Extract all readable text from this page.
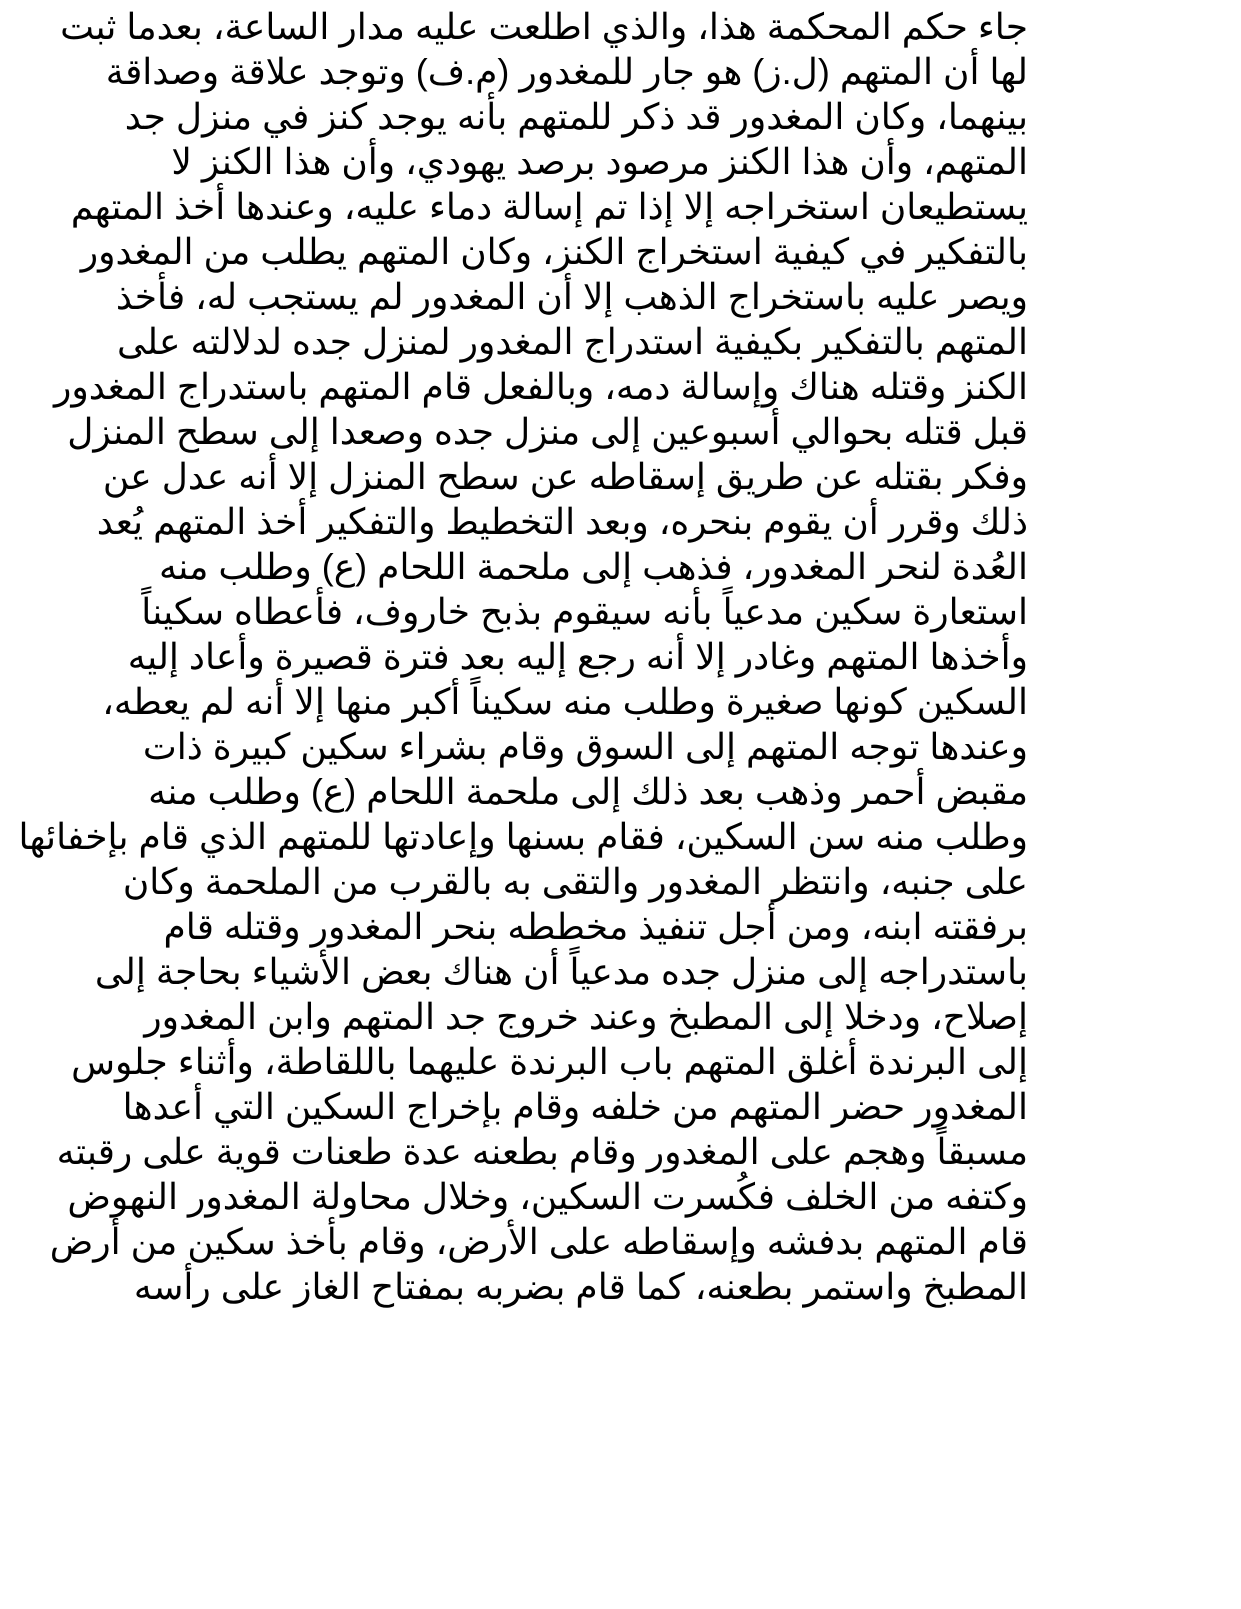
جاء حكم المحكمة هذا، والذي اطلعت عليه مدار الساعة، بعدما ثبت
لها أن المتهم (ل.ز) هو جار للمغدور (م.ف) وتوجد علاقة وصداقة
بينهما، وكان المغدور قد ذكر للمتهم بأنه يوجد كنز في منزل جد
المتهم، وأن هذا الكنز مرصود برصد يهودي، وأن هذا الكنز لا
يستطيعان استخراجه إلا إذا تم إسالة دماء عليه، وعندها أخذ المتهم
بالتفكير في كيفية استخراج الكنز، وكان المتهم يطلب من المغدور
ويصر عليه باستخراج الذهب إلا أن المغدور لم يستجب له، فأخذ
المتهم بالتفكير بكيفية استدراج المغدور لمنزل جده لدلالته على
الكنز وقتله هناك وإسالة دمه، وبالفعل قام المتهم باستدراج المغدور
قبل قتله بحوالي أسبوعين إلى منزل جده وصعدا إلى سطح المنزل
وفكر بقتله عن طريق إسقاطه عن سطح المنزل إلا أنه عدل عن
ذلك وقرر أن يقوم بنحره، وبعد التخطيط والتفكير أخذ المتهم يُعد
العُدة لنحر المغدور، فذهب إلى ملحمة اللحام (ع) وطلب منه
استعارة سكين مدعياً بأنه سيقوم بذبح خاروف، فأعطاه سكيناً
وأخذها المتهم وغادر إلا أنه رجع إليه بعد فترة قصيرة وأعاد إليه
السكين كونها صغيرة وطلب منه سكيناً أكبر منها إلا أنه لم يعطه،
وعندها توجه المتهم إلى السوق وقام بشراء سكين كبيرة ذات
مقبض أحمر وذهب بعد ذلك إلى ملحمة اللحام (ع) وطلب منه
وطلب منه سن السكين، فقام بسنها وإعادتها للمتهم الذي قام بإخفائها
على جنبه، وانتظر المغدور والتقى به بالقرب من الملحمة وكان
برفقته ابنه، ومن أجل تنفيذ مخططه بنحر المغدور وقتله قام
باستدراجه إلى منزل جده مدعياً أن هناك بعض الأشياء بحاجة إلى
إصلاح، ودخلا إلى المطبخ وعند خروج جد المتهم وابن المغدور
إلى البرندة أغلق المتهم باب البرندة عليهما باللقاطة، وأثناء جلوس
المغدور حضر المتهم من خلفه وقام بإخراج السكين التي أعدها
مسبقاً وهجم على المغدور وقام بطعنه عدة طعنات قوية على رقبته
وكتفه من الخلف فكُسرت السكين، وخلال محاولة المغدور النهوض
قام المتهم بدفشه وإسقاطه على الأرض، وقام بأخذ سكين من أرض
المطبخ واستمر بطعنه، كما قام بضربه بمفتاح الغاز على رأسه
